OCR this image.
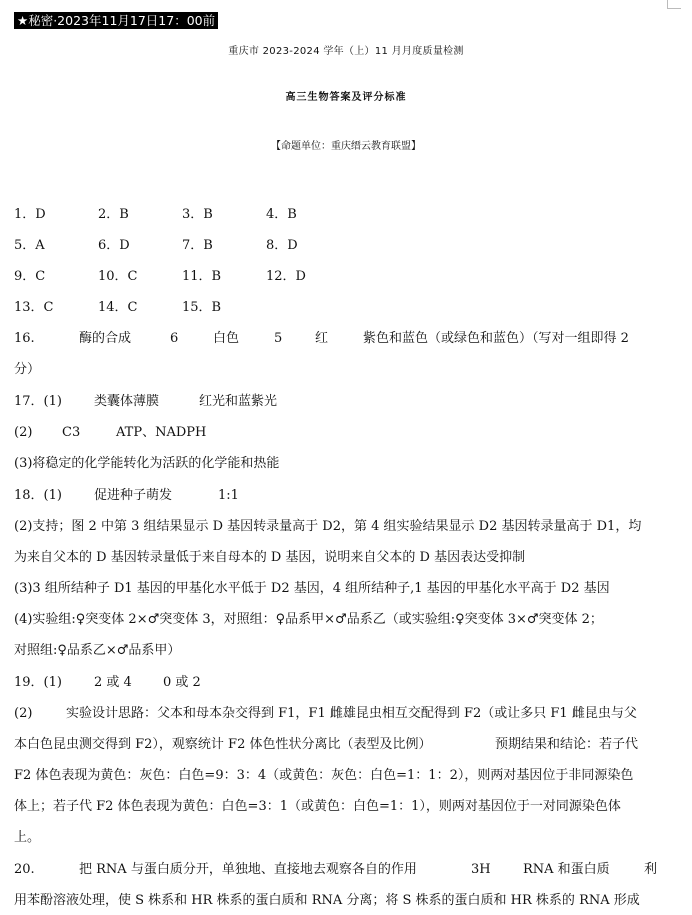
★秘密·2023年11月17日17：00前
重庆市 2023-2024 学年（上）11 月月度质量检测
高三生物答案及评分标准
【命题单位：重庆缙云教育联盟】
1．D	2．B	3．B	4．B
5．A	6．D	7．B	8．D
9．C	10．C	11．B	12．D
13．C	14．C	15．B
16.	酶的合成	6	白色	5	红	紫色和蓝色（或绿色和蓝色）（写对一组即得 2
分）
17．(1) 类囊体薄膜	红光和蓝紫光
(2) C3	ATP、NADPH
(3)将稳定的化学能转化为活跃的化学能和热能
18．(1) 促进种子萌发	1:1
(2)支持；图 2 中第 3 组结果显示 D 基因转录量高于 D2，第 4 组实验结果显示 D2 基因转录量高于 D1，均
为来自父本的 D 基因转录量低于来自母本的 D 基因，说明来自父本的 D 基因表达受抑制
(3)3 组所结种子 D1 基因的甲基化水平低于 D2 基因，4 组所结种子,1 基因的甲基化水平高于 D2 基因
(4)实验组:♀突变体 2×♂突变体 3，对照组：♀品系甲×♂品系乙（或实验组:♀突变体 3×♂突变体 2；
对照组:♀品系乙×♂品系甲）
19．(1) 2 或 4 0 或 2
(2)	实验设计思路：父本和母本杂交得到 F1，F1 雌雄昆虫相互交配得到 F2（或让多只 F1 雌昆虫与父
本白色昆虫测交得到 F2），观察统计 F2 体色性状分离比（表型及比例）	预期结果和结论：若子代
F2 体色表现为黄色：灰色：白色=9：3：4（或黄色：灰色：白色=1：1：2），则两对基因位于非同源染色
体上；若子代 F2 体色表现为黄色：白色=3：1（或黄色：白色=1：1），则两对基因位于一对同源染色体
上。
20.	把 RNA 与蛋白质分开，单独地、直接地去观察各自的作用	3H RNA 和蛋白质	利
用苯酚溶液处理，使 S 株系和 HR 株系的蛋白质和 RNA 分离；将 S 株系的蛋白质和 HR 株系的 RNA 形成
